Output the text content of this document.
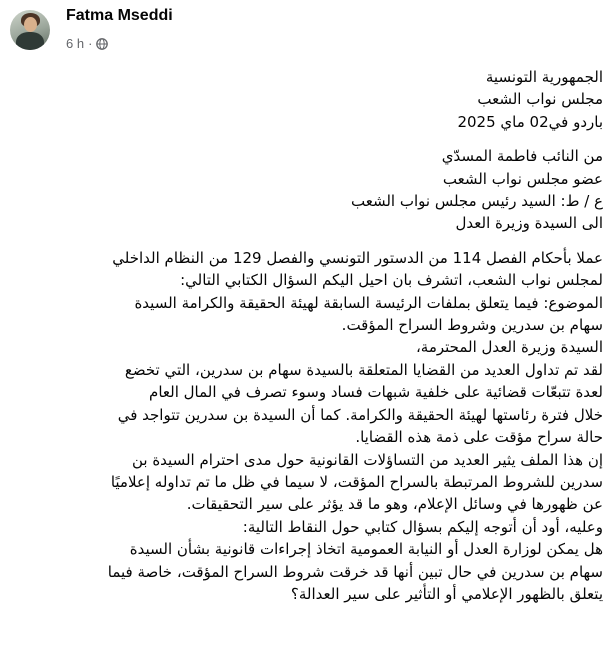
Fatma Mseddi
6 h ·
الجمهورية التونسية
مجلس نواب الشعب
باردو في02 ماي 2025
من النائب فاطمة المسدّي
عضو مجلس نواب الشعب
ع / ط: السيد رئيس مجلس نواب الشعب
الى السيدة وزيرة العدل
عملا بأحكام الفصل 114 من الدستور التونسي والفصل 129 من النظام الداخلي
لمجلس نواب الشعب، اتشرف بان احيل اليكم السؤال الكتابي التالي:
الموضوع: فيما يتعلق بملفات الرئيسة السابقة لهيئة الحقيقة والكرامة السيدة
سهام بن سدرين وشروط السراح المؤقت.
السيدة وزيرة العدل المحترمة،
لقد تم تداول العديد من القضايا المتعلقة بالسيدة سهام بن سدرين، التي تخضع
لعدة تتبعّات قضائية على خلفية شبهات فساد وسوء تصرف في المال العام
خلال فترة رئاستها لهيئة الحقيقة والكرامة. كما أن السيدة بن سدرين تتواجد في
حالة سراح مؤقت على ذمة هذه القضايا.
إن هذا الملف يثير العديد من التساؤلات القانونية حول مدى احترام السيدة بن
سدرين للشروط المرتبطة بالسراح المؤقت، لا سيما في ظل ما تم تداوله إعلاميًا
عن ظهورها في وسائل الإعلام، وهو ما قد يؤثر على سير التحقيقات.
وعليه، أود أن أتوجه إليكم بسؤال كتابي حول النقاط التالية:
هل يمكن لوزارة العدل أو النيابة العمومية اتخاذ إجراءات قانونية بشأن السيدة ￼
سهام بن سدرين في حال تبين أنها قد خرقت شروط السراح المؤقت، خاصة فيما
يتعلق بالظهور الإعلامي أو التأثير على سير العدالة؟
